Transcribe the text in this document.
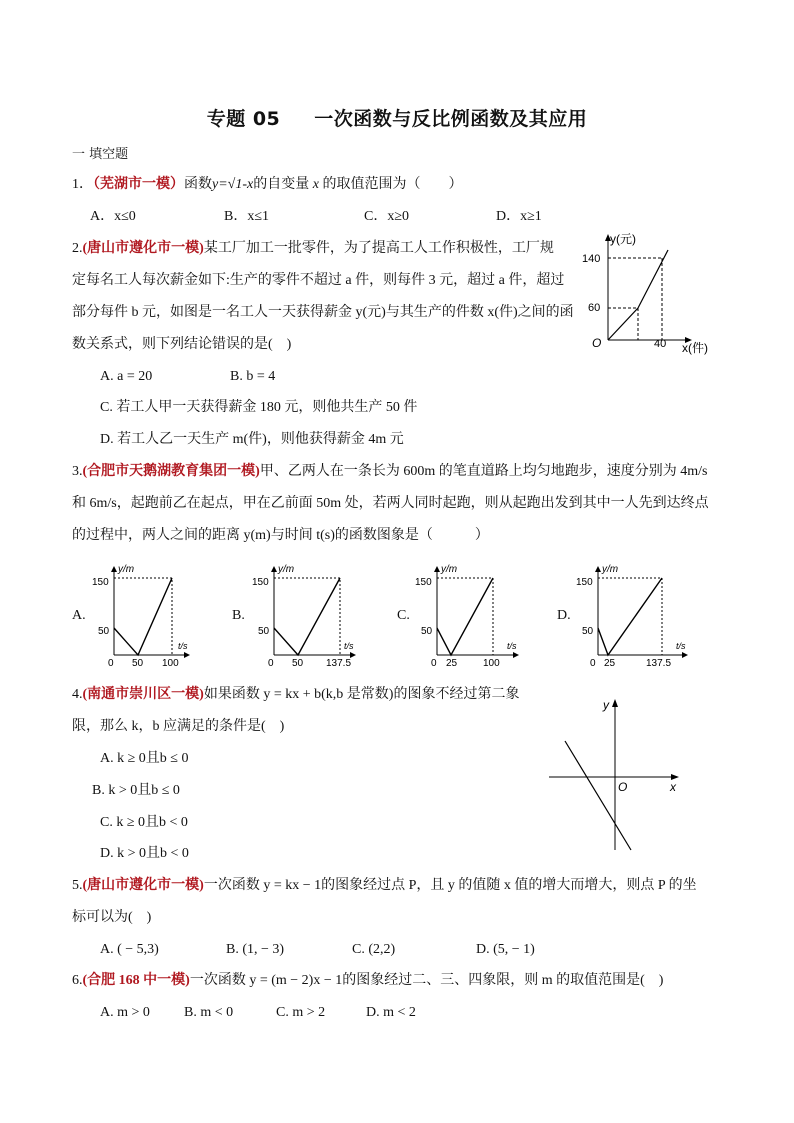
专题 05 一次函数与反比例函数及其应用
一 填空题
1．（芜湖市一模）函数y=√1-x的自变量 x 的取值范围为（　　）
A．x≤0	B．x≤1	C．x≥0	D．x≥1
2.(唐山市遵化市一模)某工厂加工一批零件，为了提高工人工作积极性，工厂规
定每名工人每次薪金如下:生产的零件不超过 a 件，则每件 3 元，超过 a 件，超过
部分每件 b 元，如图是一名工人一天获得薪金 y(元)与其生产的件数 x(件)之间的函
数关系式，则下列结论错误的是(　)
A. a = 20	B. b = 4
C. 若工人甲一天获得薪金 180 元，则他共生产 50 件
D. 若工人乙一天生产 m(件)，则他获得薪金 4m 元
y(元)
140
60
40
O	x(件)
3.(合肥市天鹅湖教育集团一模)甲、乙两人在一条长为 600m 的笔直道路上均匀地跑步，速度分别为 4m/s
和 6m/s，起跑前乙在起点，甲在乙前面 50m 处，若两人同时起跑，则从起跑出发到其中一人先到达终点
的过程中，两人之间的距离 y(m)与时间 t(s)的函数图象是（　　　）
A.
y/m
t/s
150
50
0 50 100
B.
y/m
t/s
150
50
0 50 137.5
C.
y/m
t/s
150
50
0 25	100
D.
y/m
t/s
150
50
0 25	137.5
4.(南通市崇川区一模)如果函数 y = kx + b(k,b 是常数)的图象不经过第二象
限，那么 k，b 应满足的条件是(　)
A. k ≥ 0且b ≤ 0
B. k > 0且b ≤ 0
C. k ≥ 0且b < 0
D. k > 0且b < 0
y
x
O
5.(唐山市遵化市一模)一次函数 y = kx − 1的图象经过点 P，且 y 的值随 x 值的增大而增大，则点 P 的坐
标可以为(　)
A. ( − 5,3)	B. (1, − 3)	C. (2,2)	D. (5, − 1)
6.(合肥 168 中一模)一次函数 y = (m − 2)x − 1的图象经过二、三、四象限，则 m 的取值范围是(　)
A. m > 0 B. m < 0	C. m > 2	D. m < 2
